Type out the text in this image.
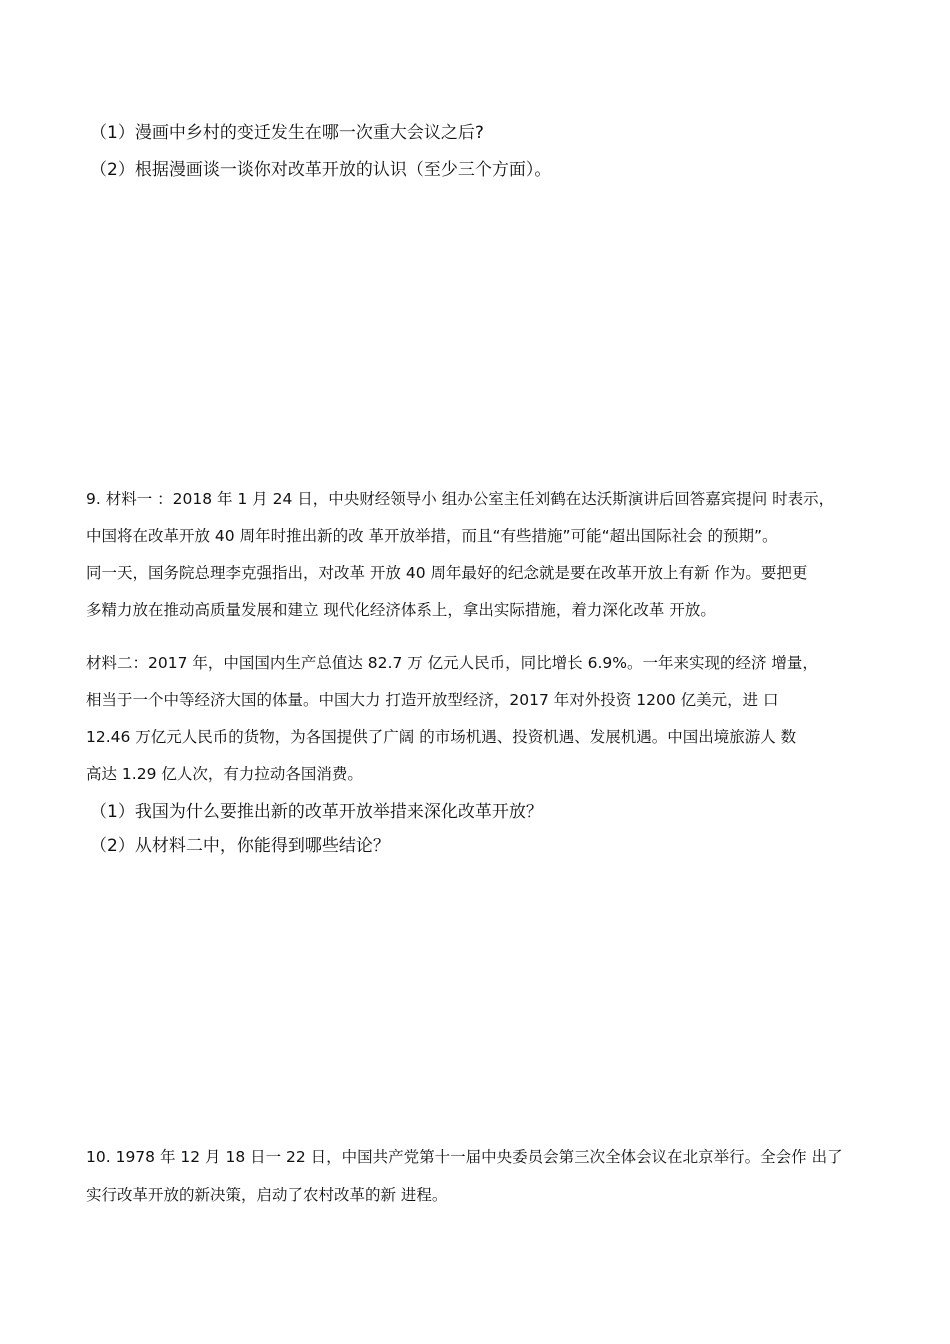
（1）漫画中乡村的变迁发生在哪一次重大会议之后?

（2）根据漫画谈一谈你对改革开放的认识（至少三个方面）。

9. 材料一 ：2018 年 1 月 24 日，中央财经领导小 组办公室主任刘鹤在达沃斯演讲后回答嘉宾提问 时表示，

中国将在改革开放 40 周年时推出新的改 革开放举措，而且“有些措施”可能“超出国际社会 的预期”。

同一天，国务院总理李克强指出，对改革 开放 40 周年最好的纪念就是要在改革开放上有新 作为。要把更

多精力放在推动高质量发展和建立 现代化经济体系上，拿出实际措施，着力深化改革 开放。

材料二：2017 年，中国国内生产总值达 82.7 万 亿元人民币，同比增长 6.9%。一年来实现的经济 增量，

相当于一个中等经济大国的体量。中国大力 打造开放型经济，2017 年对外投资 1200 亿美元，进 口

12.46 万亿元人民币的货物，为各国提供了广阔 的市场机遇、投资机遇、发展机遇。中国出境旅游人 数

高达 1.29 亿人次，有力拉动各国消费。

（1）我国为什么要推出新的改革开放举措来深化改革开放？

（2）从材料二中，你能得到哪些结论？

10. 1978 年 12 月 18 日一 22 日，中国共产党第十一届中央委员会第三次全体会议在北京举行。全会作 出了

实行改革开放的新决策，启动了农村改革的新 进程。
